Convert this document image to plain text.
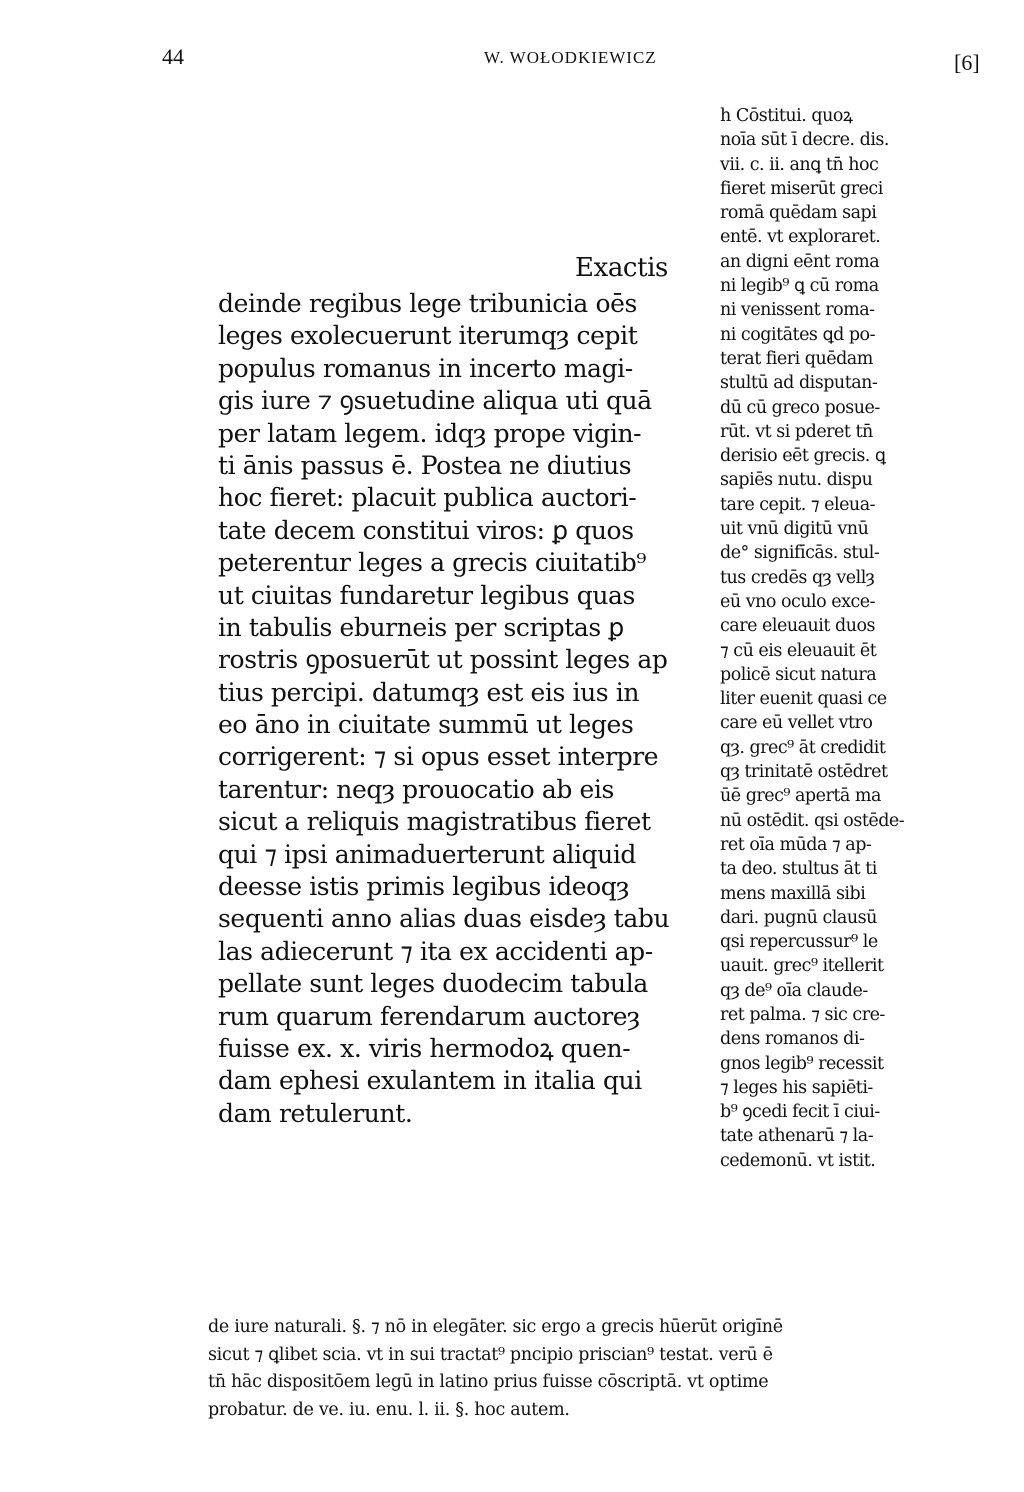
44	W. WOŁODKIEWICZ	[6]
Exactis
deinde regibus lege tribunicia oēs
leges exolecuerunt iterumqȝ cepit
populus romanus in incerto magi-
gis iure ⁊ ꝯsuetudine aliqua uti quā
per latam legem. idqȝ prope vigin-
ti ānis passus ē. Postea ne diutius
hoc fieret: placuit publica auctori-
tate decem constitui viros: ꝑ quos
peterentur leges a grecis ciuitatib⁹
ut ciuitas fundaretur legibus quas
in tabulis eburneis per scriptas ꝑ
rostris ꝯposuerūt ut possint leges ap
tius percipi. datumqȝ est eis ius in
eo āno in ciuitate summū ut leges
corrigerent: ⁊ si opus esset interpre
tarentur: neqȝ prouocatio ab eis
sicut a reliquis magistratibus fieret
qui ⁊ ipsi animaduerterunt aliquid
deesse istis primis legibus ideoqȝ
sequenti anno alias duas eisdeȝ tabu
las adiecerunt ⁊ ita ex accidenti ap-
pellate sunt leges duodecim tabula
rum quarum ferendarum auctoreȝ
fuisse ex. x. viris hermodoꝝ quen-
dam ephesi exulantem in italia qui
dam retulerunt.
h Cōstitui. quoꝝ
noīa sūt ī decre. dis.
vii. c. ii. anꝗ tn̄ hoc
fieret miserūt greci
romā quēdam sapi
entē. vt exploraret.
an digni eēnt roma
ni legib⁹ ꝗ cū roma
ni venissent roma-
ni cogitātes ꝗd po-
terat fieri quēdam
stultū ad disputan-
dū cū greco posue-
rūt. vt si pderet tn̄
derisio eēt grecis. ꝗ
sapiēs nutu. dispu
tare cepit. ⁊ eleua-
uit vnū digitū vnū
de° signifīcās. stul-
tus credēs qȝ vellȝ
eū vno oculo exce-
care eleuauit duos
⁊ cū eis eleuauit ēt
policē sicut natura
liter euenit quasi ce
care eū vellet vtro
qȝ. grec⁹ āt credidit
qȝ trinitatē ostēdret
ūē grec⁹ apertā ma
nū ostēdit. qsi ostēde-
ret oīa mūda ⁊ ap-
ta deo. stultus āt ti
mens maxillā sibi
dari. pugnū clausū
qsi repercussur⁹ le
uauit. grec⁹ itellerit
qȝ de⁹ oīa claude-
ret palma. ⁊ sic cre-
dens romanos di-
gnos legib⁹ recessit
⁊ leges his sapiēti-
b⁹ ꝯcedi fecit ī ciui-
tate athenarū ⁊ la-
cedemonū. vt istit.
de iure naturali. §. ⁊ nō in elegāter. sic ergo a grecis hūerūt origīnē
sicut ⁊ ꝗlibet scia. vt in sui tractat⁹ pncipio priscian⁹ testat. verū ē
tn̄ hāc dispositōem legū in latino prius fuisse cōscriptā. vt optime
probatur. de ve. iu. enu. l. ii. §. hoc autem.
